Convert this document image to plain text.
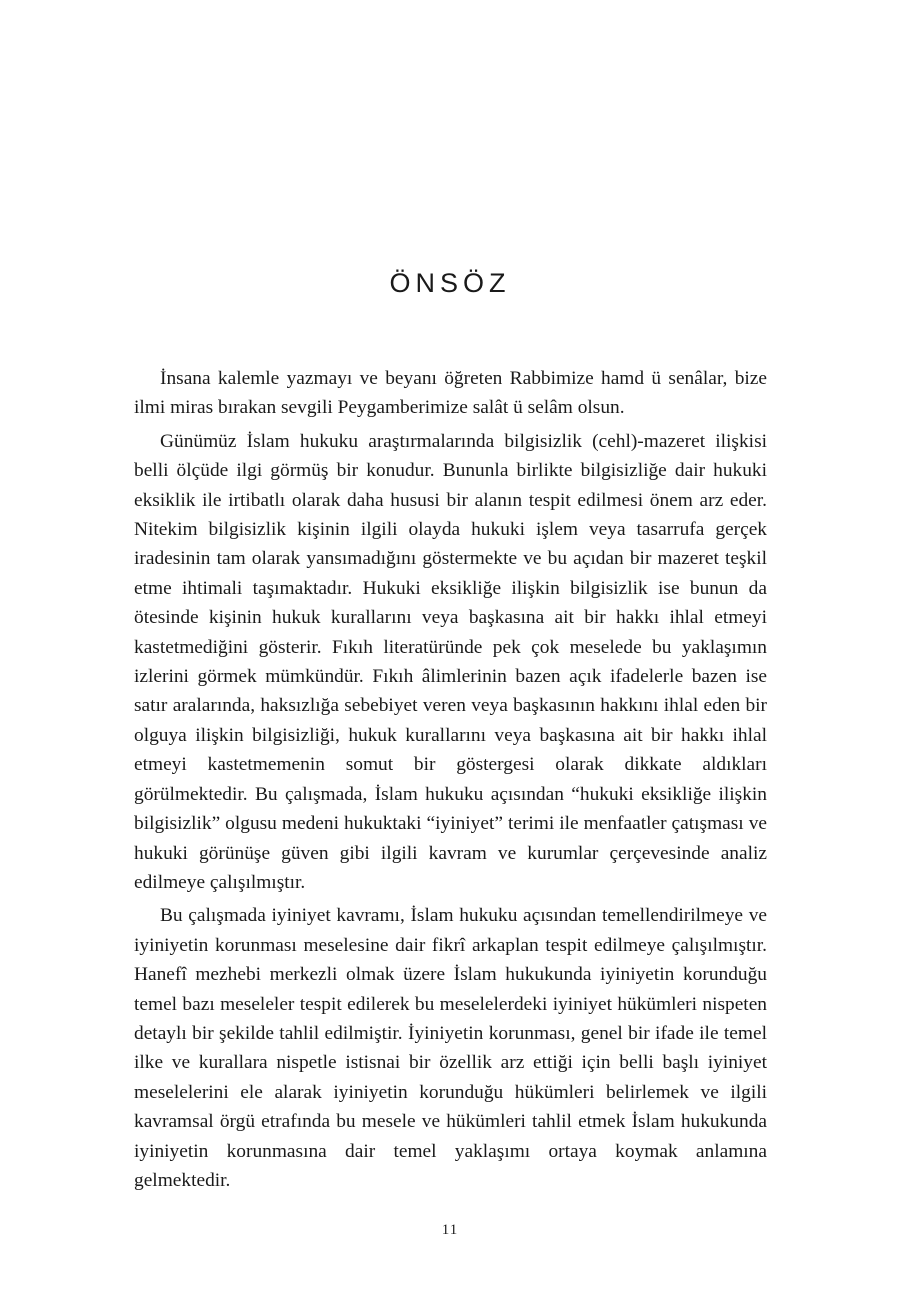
ÖNSÖZ

İnsana kalemle yazmayı ve beyanı öğreten Rabbimize hamd ü senâlar, bize ilmi miras bırakan sevgili Peygamberimize salât ü selâm olsun.

Günümüz İslam hukuku araştırmalarında bilgisizlik (cehl)-mazeret ilişkisi belli ölçüde ilgi görmüş bir konudur. Bununla birlikte bilgisizliğe dair hukuki eksiklik ile irtibatlı olarak daha hususi bir alanın tespit edilmesi önem arz eder. Nitekim bilgisizlik kişinin ilgili olayda hukuki işlem veya tasarrufa gerçek iradesinin tam olarak yansımadığını göstermekte ve bu açıdan bir mazeret teşkil etme ihtimali taşımaktadır. Hukuki eksikliğe ilişkin bilgisizlik ise bunun da ötesinde kişinin hukuk kurallarını veya başkasına ait bir hakkı ihlal etmeyi kastetmediğini gösterir. Fıkıh literatüründe pek çok meselede bu yaklaşımın izlerini görmek mümkündür. Fıkıh âlimlerinin bazen açık ifadelerle bazen ise satır aralarında, haksızlığa sebebiyet veren veya başkasının hakkını ihlal eden bir olguya ilişkin bilgisizliği, hukuk kurallarını veya başkasına ait bir hakkı ihlal etmeyi kastetmemenin somut bir göstergesi olarak dikkate aldıkları görülmektedir. Bu çalışmada, İslam hukuku açısından “hukuki eksikliğe ilişkin bilgisizlik” olgusu medeni hukuktaki “iyiniyet” terimi ile menfaatler çatışması ve hukuki görünüşe güven gibi ilgili kavram ve kurumlar çerçevesinde analiz edilmeye çalışılmıştır.

Bu çalışmada iyiniyet kavramı, İslam hukuku açısından temellendirilmeye ve iyiniyetin korunması meselesine dair fikrî arkaplan tespit edilmeye çalışılmıştır. Hanefî mezhebi merkezli olmak üzere İslam hukukunda iyiniyetin korunduğu temel bazı meseleler tespit edilerek bu meselelerdeki iyiniyet hükümleri nispeten detaylı bir şekilde tahlil edilmiştir. İyiniyetin korunması, genel bir ifade ile temel ilke ve kurallara nispetle istisnai bir özellik arz ettiği için belli başlı iyiniyet meselelerini ele alarak iyiniyetin korunduğu hükümleri belirlemek ve ilgili kavramsal örgü etrafında bu mesele ve hükümleri tahlil etmek İslam hukukunda iyiniyetin korunmasına dair temel yaklaşımı ortaya koymak anlamına gelmektedir.

11
